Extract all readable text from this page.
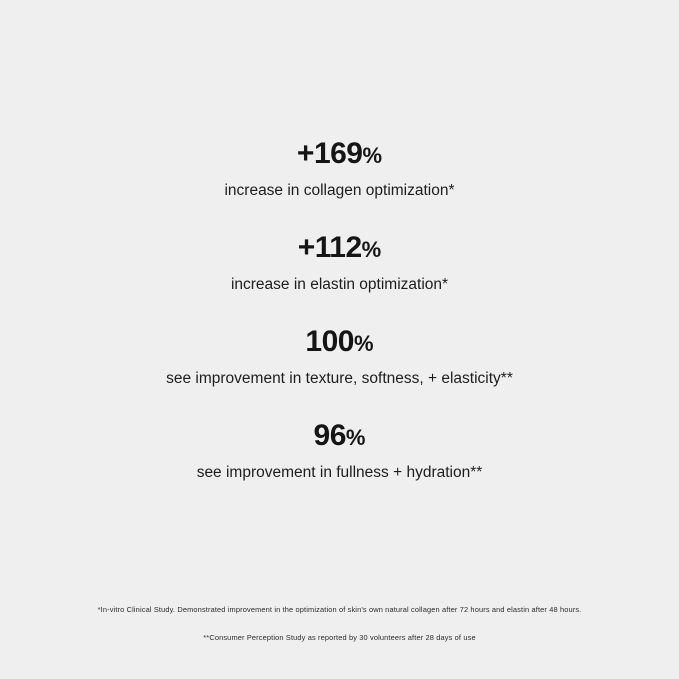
+169%
increase in collagen optimization*
+112%
increase in elastin optimization*
100%
see improvement in texture, softness, + elasticity**
96%
see improvement in fullness + hydration**
*In-vitro Clinical Study. Demonstrated improvement in the optimization of skin's own natural collagen after 72 hours and elastin after 48 hours.
**Consumer Perception Study as reported by 30 volunteers after 28 days of use
